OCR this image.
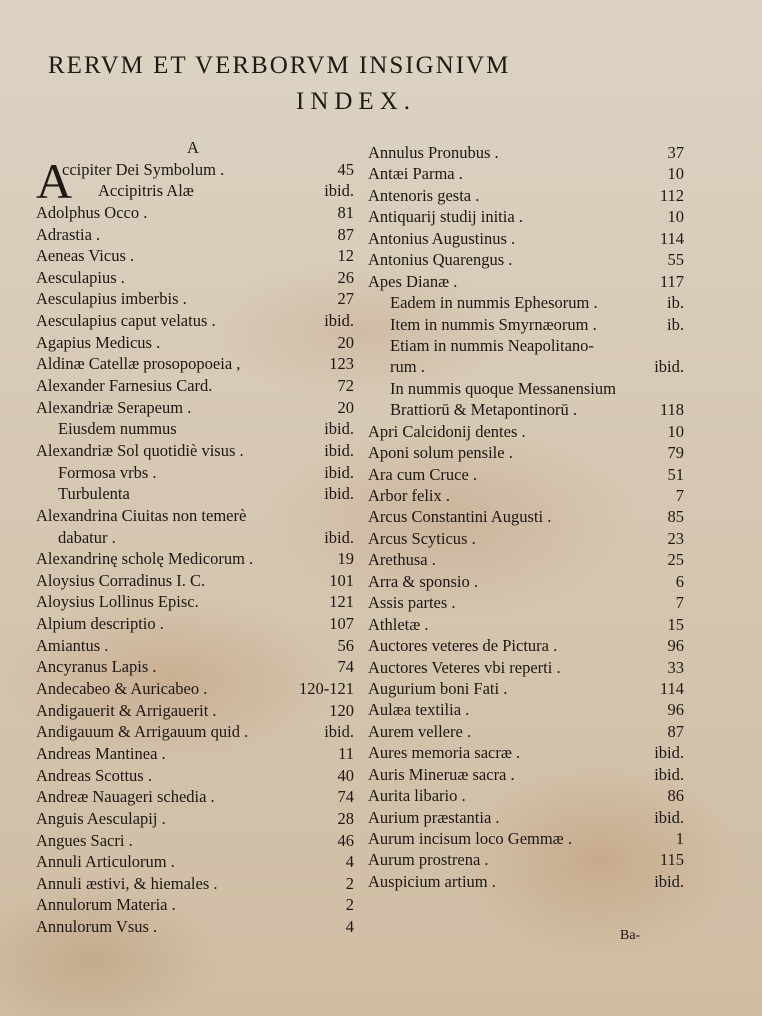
RERVM ET VERBORVM INSIGNIVM
INDEX.
A
A
ccipiter Dei Symbolum .	45
Accipitris Alæ	ibid.
Adolphus Occo .	81
Adrastia .	87
Aeneas Vicus .	12
Aesculapius .	26
Aesculapius imberbis .	27
Aesculapius caput velatus .	ibid.
Agapius Medicus .	20
Aldinæ Catellæ prosopopoeia ,	123
Alexander Farnesius Card.	72
Alexandriæ Serapeum .	20
Eiusdem nummus	ibid.
Alexandriæ Sol quotidiè visus .	ibid.
Formosa vrbs .	ibid.
Turbulenta	ibid.
Alexandrina Ciuitas non temerè
dabatur .	ibid.
Alexandrinę scholę Medicorum .	19
Aloysius Corradinus I. C.	101
Aloysius Lollinus Episc.	121
Alpium descriptio .	107
Amiantus .	56
Ancyranus Lapis .	74
Andecabeo & Auricabeo .	120-121
Andigauerit & Arrigauerit .	120
Andigauum & Arrigauum quid .	ibid.
Andreas Mantinea .	11
Andreas Scottus .	40
Andreæ Nauageri schedia .	74
Anguis Aesculapij .	28
Angues Sacri .	46
Annuli Articulorum .	4
Annuli æstivi, & hiemales .	2
Annulorum Materia .	2
Annulorum Vsus .	4
Annulus Pronubus .	37
Antæi Parma .	10
Antenoris gesta .	112
Antiquarij studij initia .	10
Antonius Augustinus .	114
Antonius Quarengus .	55
Apes Dianæ .	117
Eadem in nummis Ephesorum .	ib.
Item in nummis Smyrnæorum .	ib.
Etiam in nummis Neapolitano-
rum .	ibid.
In nummis quoque Messanensium
Brattiorū & Metapontinorū .	118
Apri Calcidonij dentes .	10
Aponi solum pensile .	79
Ara cum Cruce .	51
Arbor felix .	7
Arcus Constantini Augusti .	85
Arcus Scyticus .	23
Arethusa .	25
Arra & sponsio .	6
Assis partes .	7
Athletæ .	15
Auctores veteres de Pictura .	96
Auctores Veteres vbi reperti .	33
Augurium boni Fati .	114
Aulæa textilia .	96
Aurem vellere .	87
Aures memoria sacræ .	ibid.
Auris Mineruæ sacra .	ibid.
Aurita libario .	86
Aurium præstantia .	ibid.
Aurum incisum loco Gemmæ .	1
Aurum prostrena .	115
Auspicium artium .	ibid.
Ba-
